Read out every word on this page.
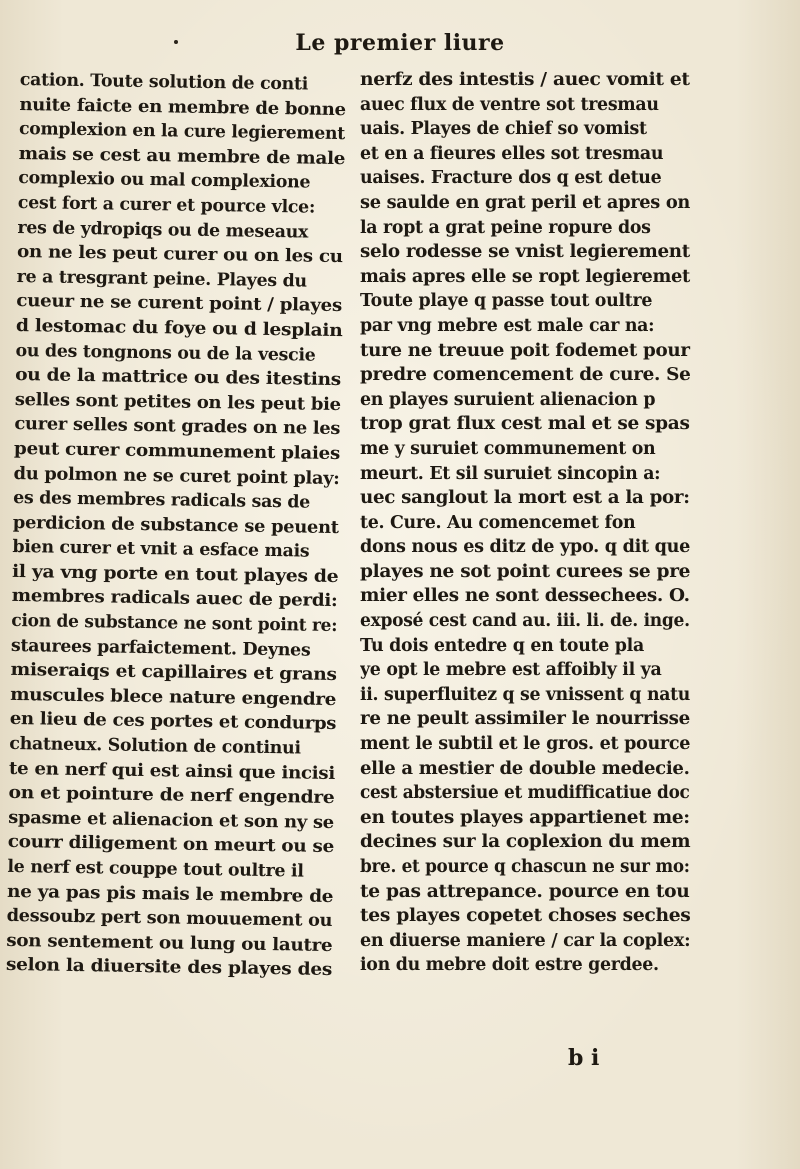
Le premier liure
cation. Toute solution de conti
nuite faicte en membre de bonne
complexion en la cure legierement
mais se cest au membre de male
complexio ou mal complexione
cest fort a curer et pource vlce:
res de ydropiqs ou de meseaux
on ne les peut curer ou on les cu
re a tresgrant peine. Playes du
cueur ne se curent point / playes
d lestomac du foye ou d lesplain
ou des tongnons ou de la vescie
ou de la mattrice ou des itestins
selles sont petites on les peut bie
curer selles sont grades on ne les
peut curer communement plaies
du polmon ne se curet point play:
es des membres radicals sas de
perdicion de substance se peuent
bien curer et vnit a esface mais
il ya vng porte en tout playes de
membres radicals auec de perdi:
cion de substance ne sont point re:
staurees parfaictement. Deynes
miseraiqs et capillaires et grans
muscules blece nature engendre
en lieu de ces portes et condurps
chatneux. Solution de continui
te en nerf qui est ainsi que incisi
on et pointure de nerf engendre
spasme et alienacion et son ny se
courr diligement on meurt ou se
le nerf est couppe tout oultre il
ne ya pas pis mais le membre de
dessoubz pert son mouuement ou
son sentement ou lung ou lautre
selon la diuersite des playes des
nerfz des intestis / auec vomit et
auec flux de ventre sot tresmau
uais. Playes de chief so vomist
et en a fieures elles sot tresmau
uaises. Fracture dos q est detue
se saulde en grat peril et apres on
la ropt a grat peine ropure dos
selo rodesse se vnist legierement
mais apres elle se ropt legieremet
Toute playe q passe tout oultre
par vng mebre est male car na:
ture ne treuue poit fodemet pour
predre comencement de cure. Se
en playes suruient alienacion p
trop grat flux cest mal et se spas
me y suruiet communement on
meurt. Et sil suruiet sincopin a:
uec sanglout la mort est a la por:
te. Cure. Au comencemet fon
dons nous es ditz de ypo. q dit que
playes ne sot point curees se pre
mier elles ne sont dessechees. O.
exposé cest cand au. iii. li. de. inge.
Tu dois entedre q en toute pla
ye opt le mebre est affoibly il ya
ii. superfluitez q se vnissent q natu
re ne peult assimiler le nourrisse
ment le subtil et le gros. et pource
elle a mestier de double medecie.
cest abstersiue et mudifficatiue doc
en toutes playes appartienet me:
decines sur la coplexion du mem
bre. et pource q chascun ne sur mo:
te pas attrepance. pource en tou
tes playes copetet choses seches
en diuerse maniere / car la coplex:
ion du mebre doit estre gerdee.
b i
